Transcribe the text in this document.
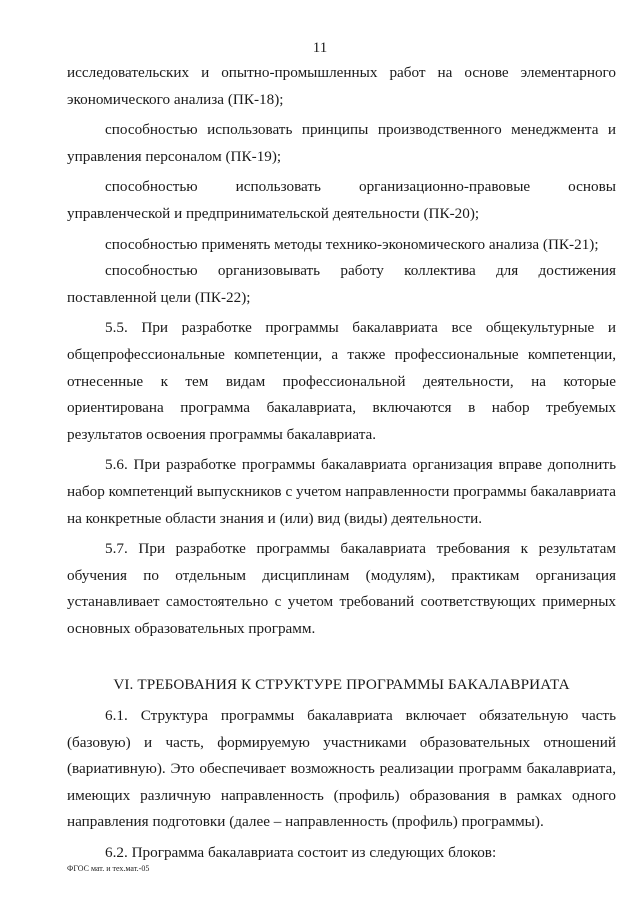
11

исследовательских и опытно-промышленных работ на основе элементарного экономического анализа (ПК-18);

способностью использовать принципы производственного менеджмента и управления персоналом (ПК-19);

способностью использовать организационно-правовые основы управленческой и предпринимательской деятельности (ПК-20);

способностью применять методы технико-экономического анализа (ПК-21);

способностью организовывать работу коллектива для достижения поставленной цели (ПК-22);

5.5. При разработке программы бакалавриата все общекультурные и общепрофессиональные компетенции, а также профессиональные компетенции, отнесенные к тем видам профессиональной деятельности, на которые ориентирована программа бакалавриата, включаются в набор требуемых результатов освоения программы бакалавриата.

5.6. При разработке программы бакалавриата организация вправе дополнить набор компетенций выпускников с учетом направленности программы бакалавриата на конкретные области знания и (или) вид (виды) деятельности.

5.7. При разработке программы бакалавриата требования к результатам обучения по отдельным дисциплинам (модулям), практикам организация устанавливает самостоятельно с учетом требований соответствующих примерных основных образовательных программ.

VI. ТРЕБОВАНИЯ К СТРУКТУРЕ ПРОГРАММЫ БАКАЛАВРИАТА

6.1. Структура программы бакалавриата включает обязательную часть (базовую) и часть, формируемую участниками образовательных отношений (вариативную). Это обеспечивает возможность реализации программ бакалавриата, имеющих различную направленность (профиль) образования в рамках одного направления подготовки (далее – направленность (профиль) программы).

6.2. Программа бакалавриата состоит из следующих блоков:

ФГОС мат. и тех.мат.-05
